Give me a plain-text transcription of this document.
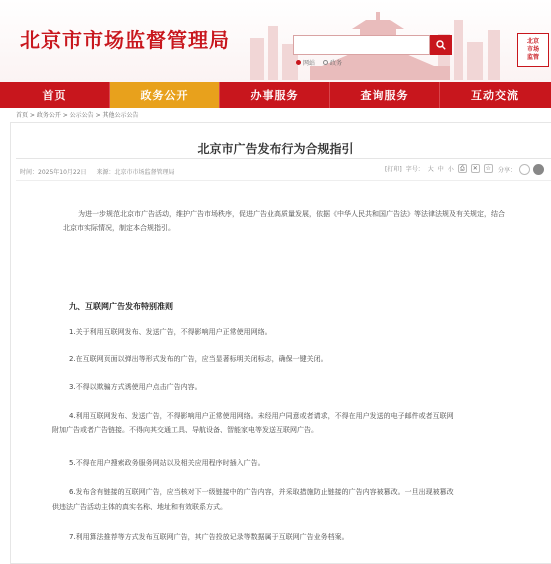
北京市市场监督管理局
网站	政务
北京
市场
监管
首页	政务公开	办事服务	查询服务	互动交流
首页 > 政务公开 > 公示公告 > 其他公示公告
北京市广告发布行为合规指引
时间：2025年10月22日 来源：北京市市场监督管理局	[打印] 字号： 大 中 小	⎙	✕	☆	分享：
为进一步规范北京市广告活动，维护广告市场秩序，促进广告业高质量发展，依据《中华人民共和国广告法》等法律法规及有关规定，结合
北京市实际情况，制定本合规指引。
九、互联网广告发布特别准则
1.关于利用互联网发布、发送广告，不得影响用户正常使用网络。
2.在互联网页面以弹出等形式发布的广告，应当显著标明关闭标志，确保一键关闭。
3.不得以欺骗方式诱使用户点击广告内容。
4.利用互联网发布、发送广告，不得影响用户正常使用网络。未经用户同意或者请求，不得在用户发送的电子邮件或者互联网
附加广告或者广告链接。不得向其交通工具、导航设备、智能家电等发送互联网广告。
5.不得在用户搜索政务服务网站以及相关应用程序时插入广告。
6.发布含有链接的互联网广告，应当核对下一级链接中的广告内容，并采取措施防止链接的广告内容被篡改。一旦出现被篡改
供违法广告活动主体的真实名称、地址和有效联系方式。
7.利用算法推荐等方式发布互联网广告，其广告投放记录等数据属于互联网广告业务档案。
